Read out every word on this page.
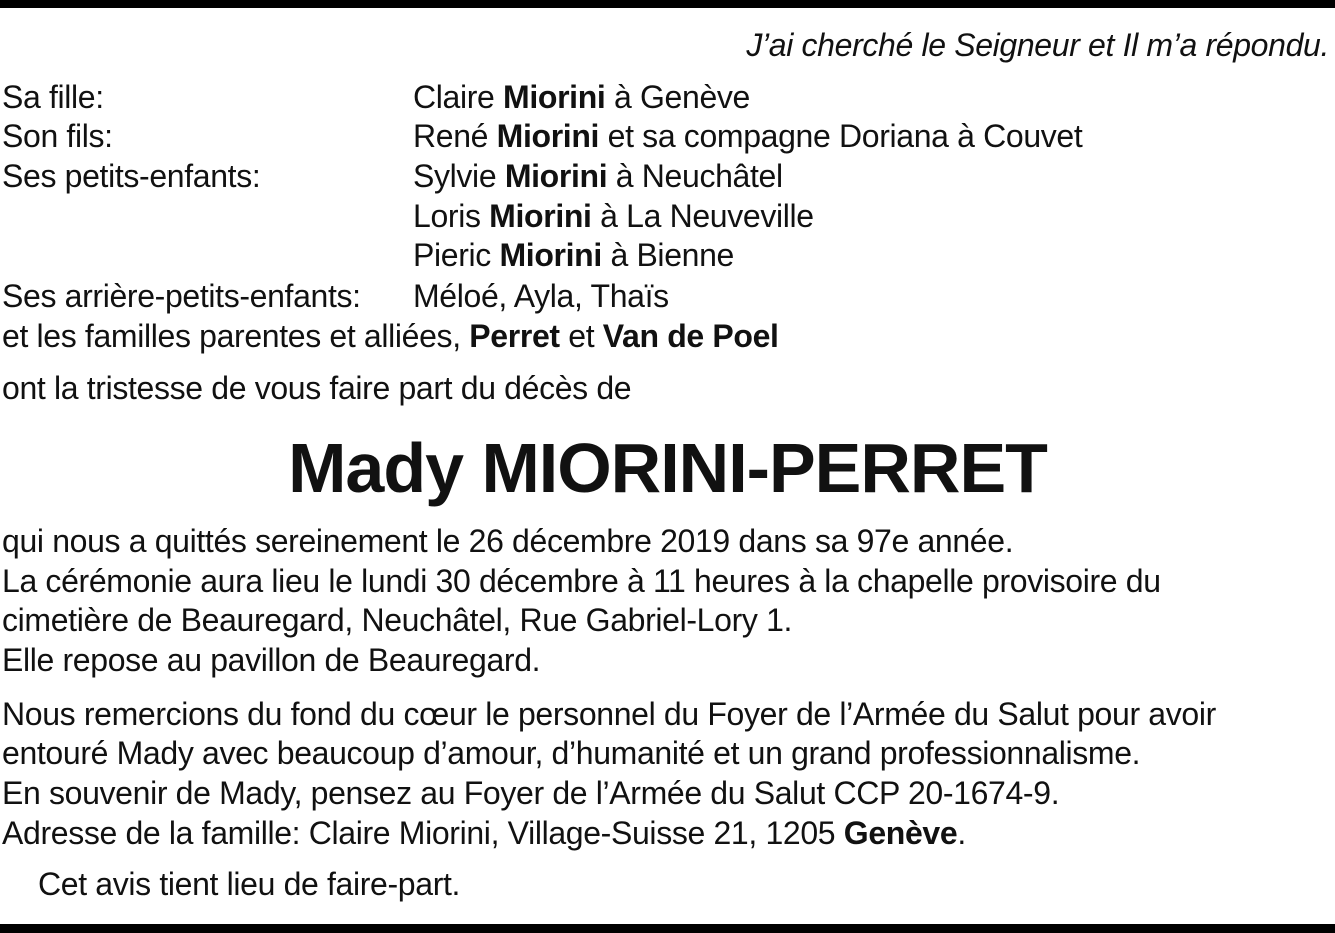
J’ai cherché le Seigneur et Il m’a répondu.
Sa fille:	Claire Miorini à Genève
Son fils:	René Miorini et sa compagne Doriana à Couvet
Ses petits-enfants:	Sylvie Miorini à Neuchâtel
Loris Miorini à La Neuveville
Pieric Miorini à Bienne
Ses arrière-petits-enfants: Méloé, Ayla, Thaïs
et les familles parentes et alliées, Perret et Van de Poel
ont la tristesse de vous faire part du décès de
Mady MIORINI-PERRET
qui nous a quittés sereinement le 26 décembre 2019 dans sa 97e année.
La cérémonie aura lieu le lundi 30 décembre à 11 heures à la chapelle provisoire du
cimetière de Beauregard, Neuchâtel, Rue Gabriel-Lory 1.
Elle repose au pavillon de Beauregard.
Nous remercions du fond du cœur le personnel du Foyer de l’Armée du Salut pour avoir
entouré Mady avec beaucoup d’amour, d’humanité et un grand professionnalisme.
En souvenir de Mady, pensez au Foyer de l’Armée du Salut CCP 20-1674-9.
Adresse de la famille: Claire Miorini, Village-Suisse 21, 1205 Genève.
Cet avis tient lieu de faire-part.
